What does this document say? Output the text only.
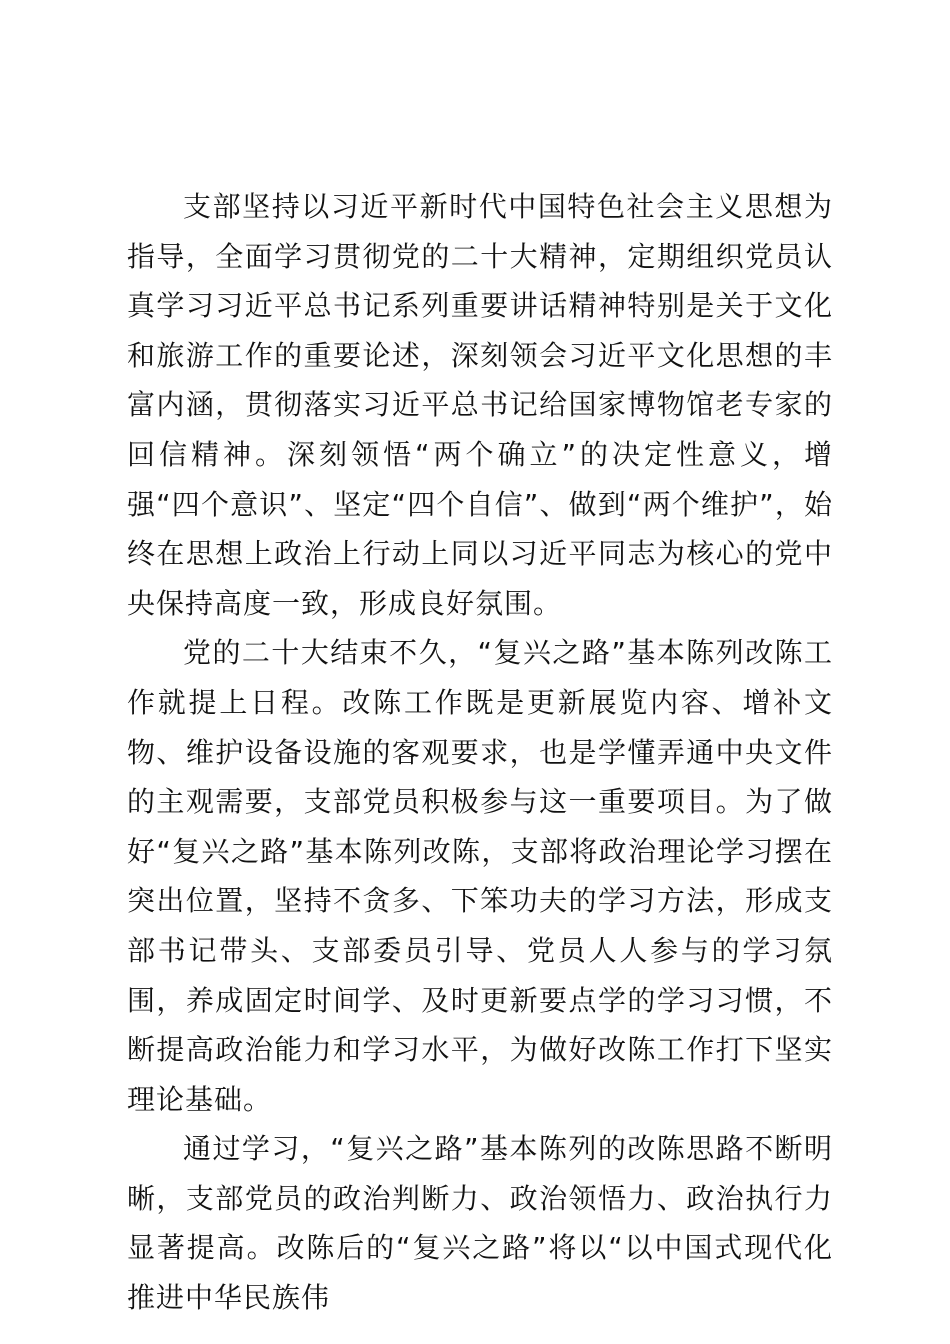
支部坚持以习近平新时代中国特色社会主义思想为指导，全面学习贯彻党的二十大精神，定期组织党员认真学习习近平总书记系列重要讲话精神特别是关于文化和旅游工作的重要论述，深刻领会习近平文化思想的丰富内涵，贯彻落实习近平总书记给国家博物馆老专家的回信精神。深刻领悟“两个确立”的决定性意义，增强“四个意识”、坚定“四个自信”、做到“两个维护”，始终在思想上政治上行动上同以习近平同志为核心的党中央保持高度一致，形成良好氛围。

党的二十大结束不久，“复兴之路”基本陈列改陈工作就提上日程。改陈工作既是更新展览内容、增补文物、维护设备设施的客观要求，也是学懂弄通中央文件的主观需要，支部党员积极参与这一重要项目。为了做好“复兴之路”基本陈列改陈，支部将政治理论学习摆在突出位置，坚持不贪多、下笨功夫的学习方法，形成支部书记带头、支部委员引导、党员人人参与的学习氛围，养成固定时间学、及时更新要点学的学习习惯，不断提高政治能力和学习水平，为做好改陈工作打下坚实理论基础。

通过学习，“复兴之路”基本陈列的改陈思路不断明晰，支部党员的政治判断力、政治领悟力、政治执行力显著提高。改陈后的“复兴之路”将以“以中国式现代化推进中华民族伟
